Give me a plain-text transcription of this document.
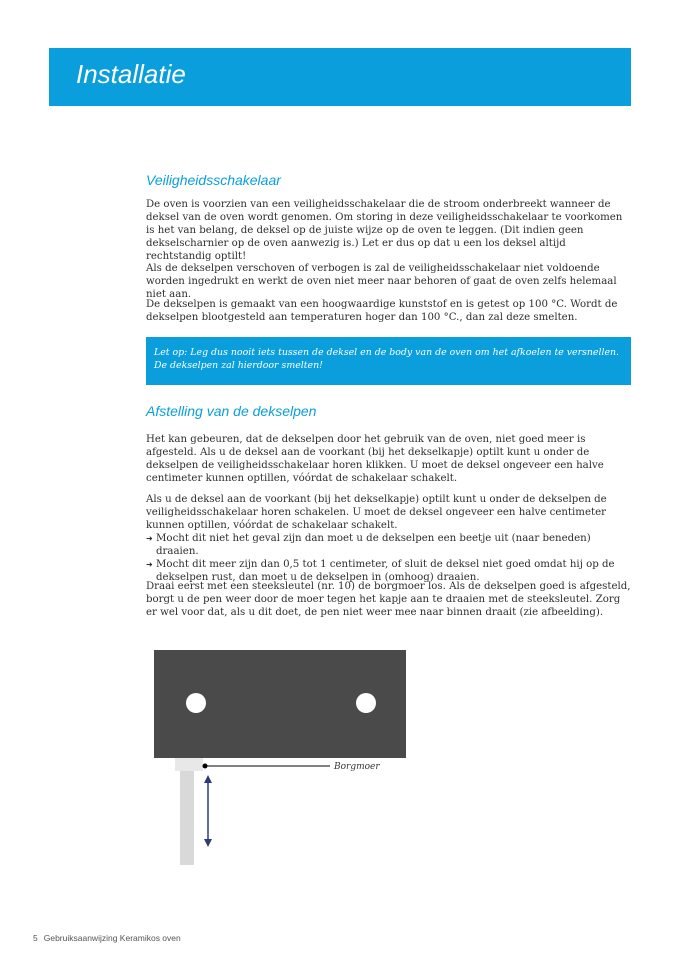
Installatie
Veiligheidsschakelaar

De oven is voorzien van een veiligheidsschakelaar die de stroom onderbreekt wanneer de deksel van de oven wordt genomen. Om storing in deze veiligheidsschakelaar te voorkomen is het van belang, de deksel op de juiste wijze op de oven te leggen. (Dit indien geen dekselscharnier op de oven aanwezig is.) Let er dus op dat u een los deksel altijd rechtstandig optilt!

Als de dekselpen verschoven of verbogen is zal de veiligheidsschakelaar niet voldoende worden ingedrukt en werkt de oven niet meer naar behoren of gaat de oven zelfs helemaal niet aan.

De dekselpen is gemaakt van een hoogwaardige kunststof en is getest op 100 °C. Wordt de dekselpen blootgesteld aan temperaturen hoger dan 100 °C., dan zal deze smelten.

Let op: Leg dus nooit iets tussen de deksel en de body van de oven om het afkoelen te versnellen. De dekselpen zal hierdoor smelten!

Afstelling van de dekselpen

Het kan gebeuren, dat de dekselpen door het gebruik van de oven, niet goed meer is afgesteld. Als u de deksel aan de voorkant (bij het dekselkapje) optilt kunt u onder de dekselpen de veiligheidsschakelaar horen klikken. U moet de deksel ongeveer een halve centimeter kunnen optillen, vóórdat de schakelaar schakelt.

Als u de deksel aan de voorkant (bij het dekselkapje) optilt kunt u onder de dekselpen de veiligheidsschakelaar horen schakelen. U moet de deksel ongeveer een halve centimeter kunnen optillen, vóórdat de schakelaar schakelt.
➜ Mocht dit niet het geval zijn dan moet u de dekselpen een beetje uit (naar beneden) draaien.
➜ Mocht dit meer zijn dan 0,5 tot 1 centimeter, of sluit de deksel niet goed omdat hij op de dekselpen rust, dan moet u de dekselpen in (omhoog) draaien.

Draai eerst met een steeksleutel (nr. 10) de borgmoer los. Als de dekselpen goed is afgesteld, borgt u de pen weer door de moer tegen het kapje aan te draaien met de steeksleutel. Zorg er wel voor dat, als u dit doet, de pen niet weer mee naar binnen draait (zie afbeelding).

Borgmoer
5 Gebruiksaanwijzing Keramikos oven
